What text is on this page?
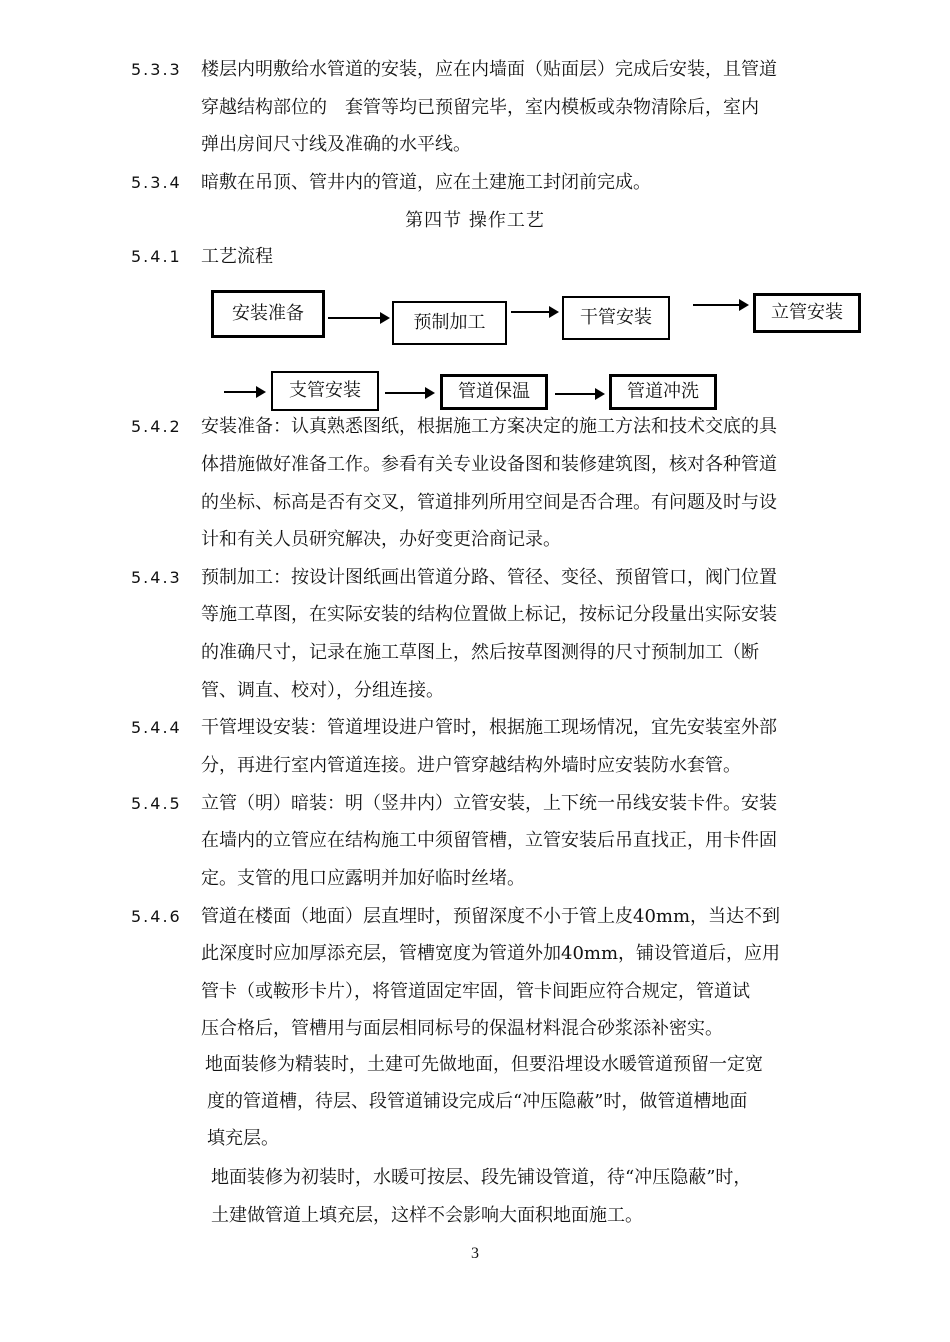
5.3.3 楼层内明敷给水管道的安装，应在内墙面（贴面层）完成后安装，且管道
穿越结构部位的　套管等均已预留完毕，室内模板或杂物清除后，室内
弹出房间尺寸线及准确的水平线。
5.3.4 暗敷在吊顶、管井内的管道，应在土建施工封闭前完成。
第四节 操作工艺
5.4.1 工艺流程
安装准备	预制加工	干管安装	立管安装
支管安装	管道保温	管道冲洗
5.4.2 安装准备：认真熟悉图纸，根据施工方案决定的施工方法和技术交底的具
体措施做好准备工作。参看有关专业设备图和装修建筑图，核对各种管道
的坐标、标高是否有交叉，管道排列所用空间是否合理。有问题及时与设
计和有关人员研究解决，办好变更洽商记录。
5.4.3 预制加工：按设计图纸画出管道分路、管径、变径、预留管口，阀门位置
等施工草图，在实际安装的结构位置做上标记，按标记分段量出实际安装
的准确尺寸，记录在施工草图上，然后按草图测得的尺寸预制加工（断
管、调直、校对），分组连接。
5.4.4 干管埋设安装：管道埋设进户管时，根据施工现场情况，宜先安装室外部
分，再进行室内管道连接。进户管穿越结构外墙时应安装防水套管。
5.4.5 立管（明）暗装：明（竖井内）立管安装，上下统一吊线安装卡件。安装
在墙内的立管应在结构施工中须留管槽，立管安装后吊直找正，用卡件固
定。支管的甩口应露明并加好临时丝堵。
5.4.6 管道在楼面（地面）层直埋时，预留深度不小于管上皮40mm，当达不到
此深度时应加厚添充层，管槽宽度为管道外加40mm，铺设管道后，应用
管卡（或鞍形卡片），将管道固定牢固，管卡间距应符合规定，管道试
压合格后，管槽用与面层相同标号的保温材料混合砂浆添补密实。
地面装修为精装时，土建可先做地面，但要沿埋设水暖管道预留一定宽
度的管道槽，待层、段管道铺设完成后“冲压隐蔽”时，做管道槽地面
填充层。
地面装修为初装时，水暖可按层、段先铺设管道，待“冲压隐蔽”时，
土建做管道上填充层，这样不会影响大面积地面施工。
3
